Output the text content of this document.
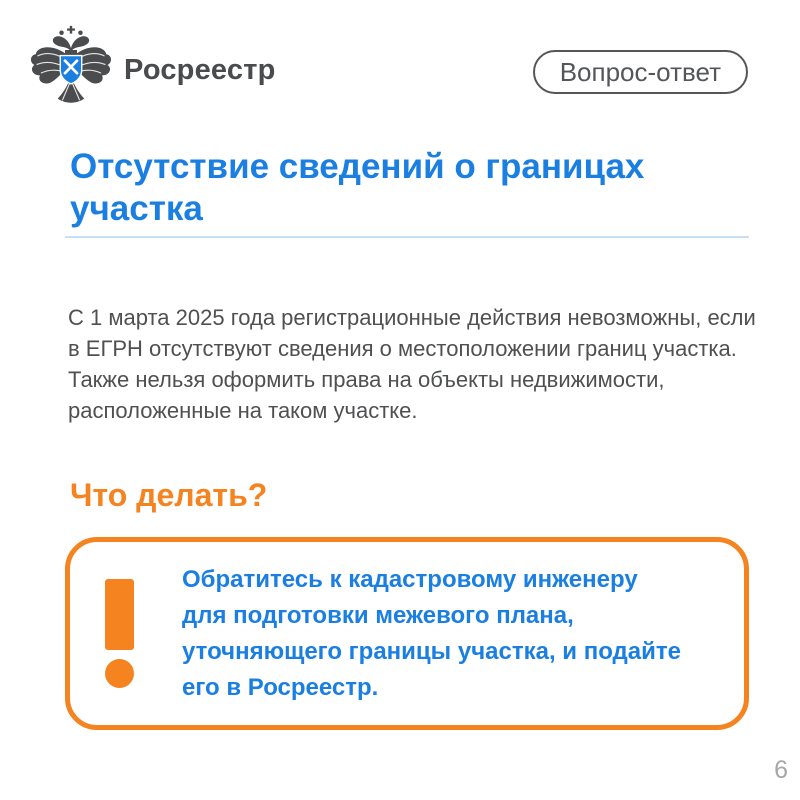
Росреестр	Вопрос-ответ
Отсутствие сведений о границах участка

С 1 марта 2025 года регистрационные действия невозможны, если в ЕГРН отсутствуют сведения о местоположении границ участка. Также нельзя оформить права на объекты недвижимости, расположенные на таком участке.

Что делать?
Обратитесь к кадастровому инженеру для подготовки межевого плана, уточняющего границы участка, и подайте его в Росреестр.
6
